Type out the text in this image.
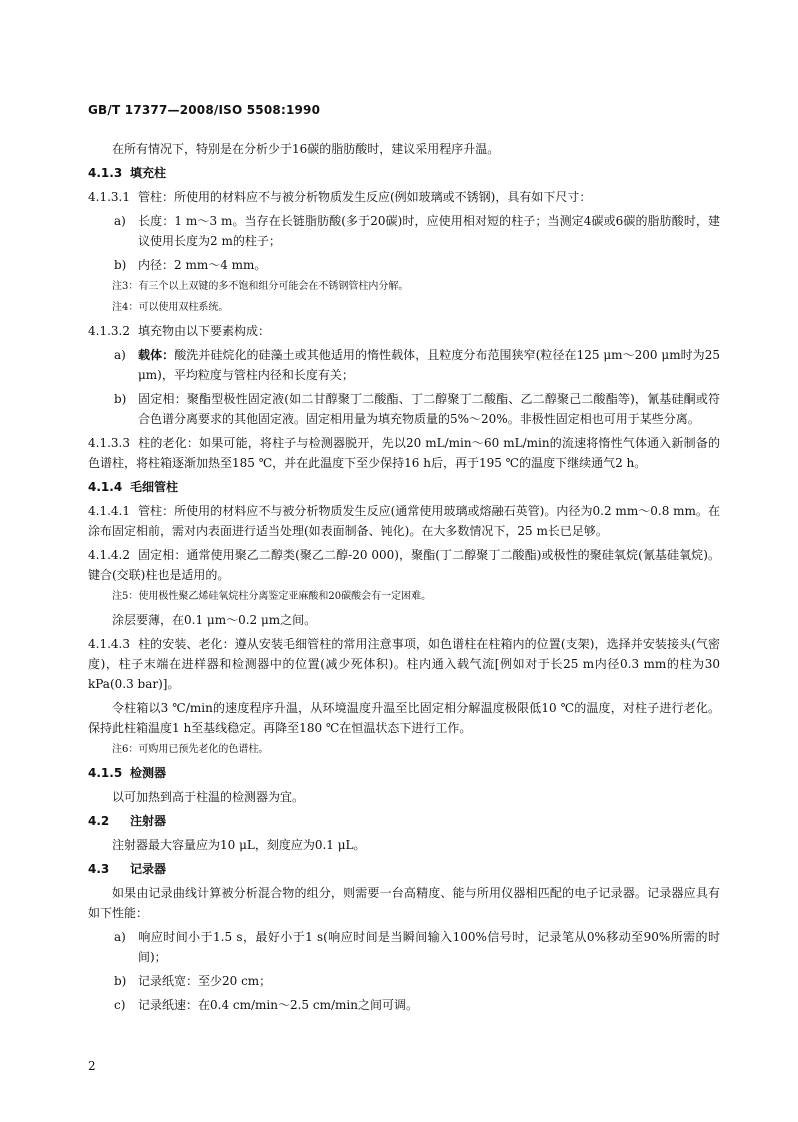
GB/T 17377—2008/ISO 5508:1990
在所有情况下，特别是在分析少于16碳的脂肪酸时，建议采用程序升温。
4.1.3 填充柱
4.1.3.1 管柱：所使用的材料应不与被分析物质发生反应(例如玻璃或不锈钢)，具有如下尺寸：
a) 长度：1 m～3 m。当存在长链脂肪酸(多于20碳)时，应使用相对短的柱子；当测定4碳或6碳的脂肪酸时，建议使用长度为2 m的柱子；
b) 内径：2 mm～4 mm。
注3：有三个以上双键的多不饱和组分可能会在不锈钢管柱内分解。
注4：可以使用双柱系统。
4.1.3.2 填充物由以下要素构成：
a) 载体：酸洗并硅烷化的硅藻土或其他适用的惰性载体，且粒度分布范围狭窄(粒径在125 μm～200 μm时为25 μm)，平均粒度与管柱内径和长度有关；
b) 固定相：聚酯型极性固定液(如二甘醇聚丁二酸酯、丁二醇聚丁二酸酯、乙二醇聚己二酸酯等)，氰基硅酮或符合色谱分离要求的其他固定液。固定相用量为填充物质量的5%～20%。非极性固定相也可用于某些分离。
4.1.3.3 柱的老化：如果可能，将柱子与检测器脱开，先以20 mL/min～60 mL/min的流速将惰性气体通入新制备的色谱柱，将柱箱逐渐加热至185 ℃，并在此温度下至少保持16 h后，再于195 ℃的温度下继续通气2 h。
4.1.4 毛细管柱
4.1.4.1 管柱：所使用的材料应不与被分析物质发生反应(通常使用玻璃或熔融石英管)。内径为0.2 mm～0.8 mm。在涂布固定相前，需对内表面进行适当处理(如表面制备、钝化)。在大多数情况下，25 m长已足够。
4.1.4.2 固定相：通常使用聚乙二醇类(聚乙二醇-20 000)，聚酯(丁二醇聚丁二酸酯)或极性的聚硅氧烷(氰基硅氧烷)。键合(交联)柱也是适用的。
注5：使用极性聚乙烯硅氧烷柱分离鉴定亚麻酸和20碳酸会有一定困难。
涂层要薄，在0.1 μm～0.2 μm之间。
4.1.4.3 柱的安装、老化：遵从安装毛细管柱的常用注意事项，如色谱柱在柱箱内的位置(支架)，选择并安装接头(气密度)，柱子末端在进样器和检测器中的位置(减少死体积)。柱内通入载气流[例如对于长25 m内径0.3 mm的柱为30 kPa(0.3 bar)]。
令柱箱以3 ℃/min的速度程序升温，从环境温度升温至比固定相分解温度极限低10 ℃的温度，对柱子进行老化。保持此柱箱温度1 h至基线稳定。再降至180 ℃在恒温状态下进行工作。
注6：可购用已预先老化的色谱柱。
4.1.5 检测器
以可加热到高于柱温的检测器为宜。
4.2 注射器
注射器最大容量应为10 μL，刻度应为0.1 μL。
4.3 记录器
如果由记录曲线计算被分析混合物的组分，则需要一台高精度、能与所用仪器相匹配的电子记录器。记录器应具有如下性能：
a) 响应时间小于1.5 s，最好小于1 s(响应时间是当瞬间输入100%信号时，记录笔从0%移动至90%所需的时间)；
b) 记录纸宽：至少20 cm；
c) 记录纸速：在0.4 cm/min～2.5 cm/min之间可调。
2
